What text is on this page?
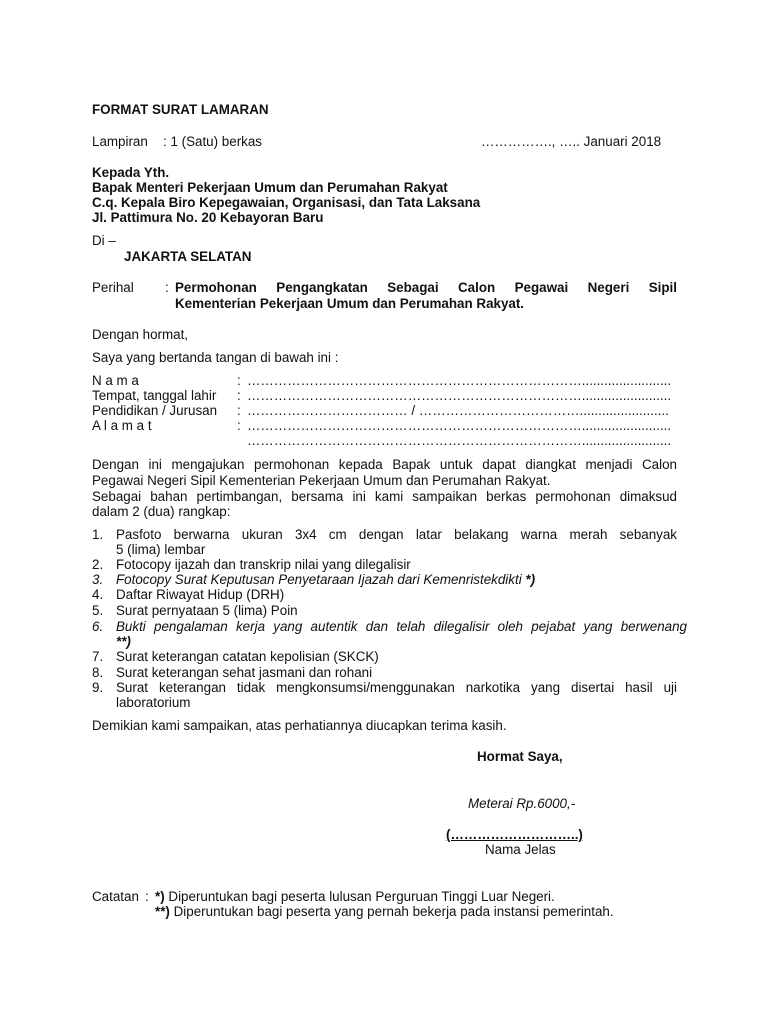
FORMAT SURAT LAMARAN
Lampiran : 1 (Satu) berkas	……………., ….. Januari 2018
Kepada Yth.
Bapak Menteri Pekerjaan Umum dan Perumahan Rakyat
C.q. Kepala Biro Kepegawaian, Organisasi, dan Tata Laksana
Jl. Pattimura No. 20 Kebayoran Baru
Di –
JAKARTA SELATAN
Perihal : Permohonan Pengangkatan Sebagai Calon Pegawai Negeri Sipil
Kementerian Pekerjaan Umum dan Perumahan Rakyat.
Dengan hormat,
Saya yang bertanda tangan di bawah ini :
N a m a	: …………………………………………………………………........................
Tempat, tanggal lahir : …………………………………………………………………........................
Pendidikan / Jurusan : ……………………………… / ………………………………........................
A l a m a t	: …………………………………………………………………........................
…………………………………………………………………........................
Dengan ini mengajukan permohonan kepada Bapak untuk dapat diangkat menjadi Calon
Pegawai Negeri Sipil Kementerian Pekerjaan Umum dan Perumahan Rakyat.
Sebagai bahan pertimbangan, bersama ini kami sampaikan berkas permohonan dimaksud
dalam 2 (dua) rangkap:
1. Pasfoto berwarna ukuran 3x4 cm dengan latar belakang warna merah sebanyak
5 (lima) lembar
2. Fotocopy ijazah dan transkrip nilai yang dilegalisir
3. Fotocopy Surat Keputusan Penyetaraan Ijazah dari Kemenristekdikti *)
4. Daftar Riwayat Hidup (DRH)
5. Surat pernyataan 5 (lima) Poin
6. Bukti pengalaman kerja yang autentik dan telah dilegalisir oleh pejabat yang berwenang
**)
7. Surat keterangan catatan kepolisian (SKCK)
8. Surat keterangan sehat jasmani dan rohani
9. Surat keterangan tidak mengkonsumsi/menggunakan narkotika yang disertai hasil uji
laboratorium
Demikian kami sampaikan, atas perhatiannya diucapkan terima kasih.
Hormat Saya,
Meterai Rp.6000,-
(………………………..)
Nama Jelas
Catatan : *) Diperuntukan bagi peserta lulusan Perguruan Tinggi Luar Negeri.
**) Diperuntukan bagi peserta yang pernah bekerja pada instansi pemerintah.
